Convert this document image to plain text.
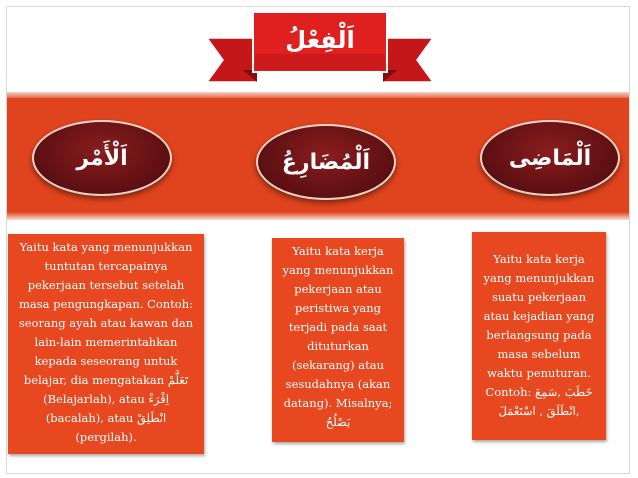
اَلْفِعْلُ
اَلْأَمْر	اَلْمُضَارِعُ	اَلْمَاضِى
Yaitu kata yang menunjukkan tuntutan tercapainya pekerjaan tersebut setelah masa pengungkapan. Contoh: seorang ayah atau kawan dan lain-lain memerintahkan kepada seseorang untuk belajar, dia mengatakan تَعَلَّمْ (Belajarlah), atau اِقْرَءْ (bacalah), atau انْطَلِقْ (pergilah).
Yaitu kata kerja yang menunjukkan pekerjaan atau peristiwa yang terjadi pada saat dituturkan (sekarang) atau sesudahnya (akan datang). Misalnya; يَصْلُحُ
Yaitu kata kerja yang menunjukkan suatu pekerjaan atau kejadian yang berlangsung pada masa sebelum waktu penuturan. Contoh: خَطَبَ ,سَمِعَ ,انْطَلَقَ , اسْتَعْمَلَ
